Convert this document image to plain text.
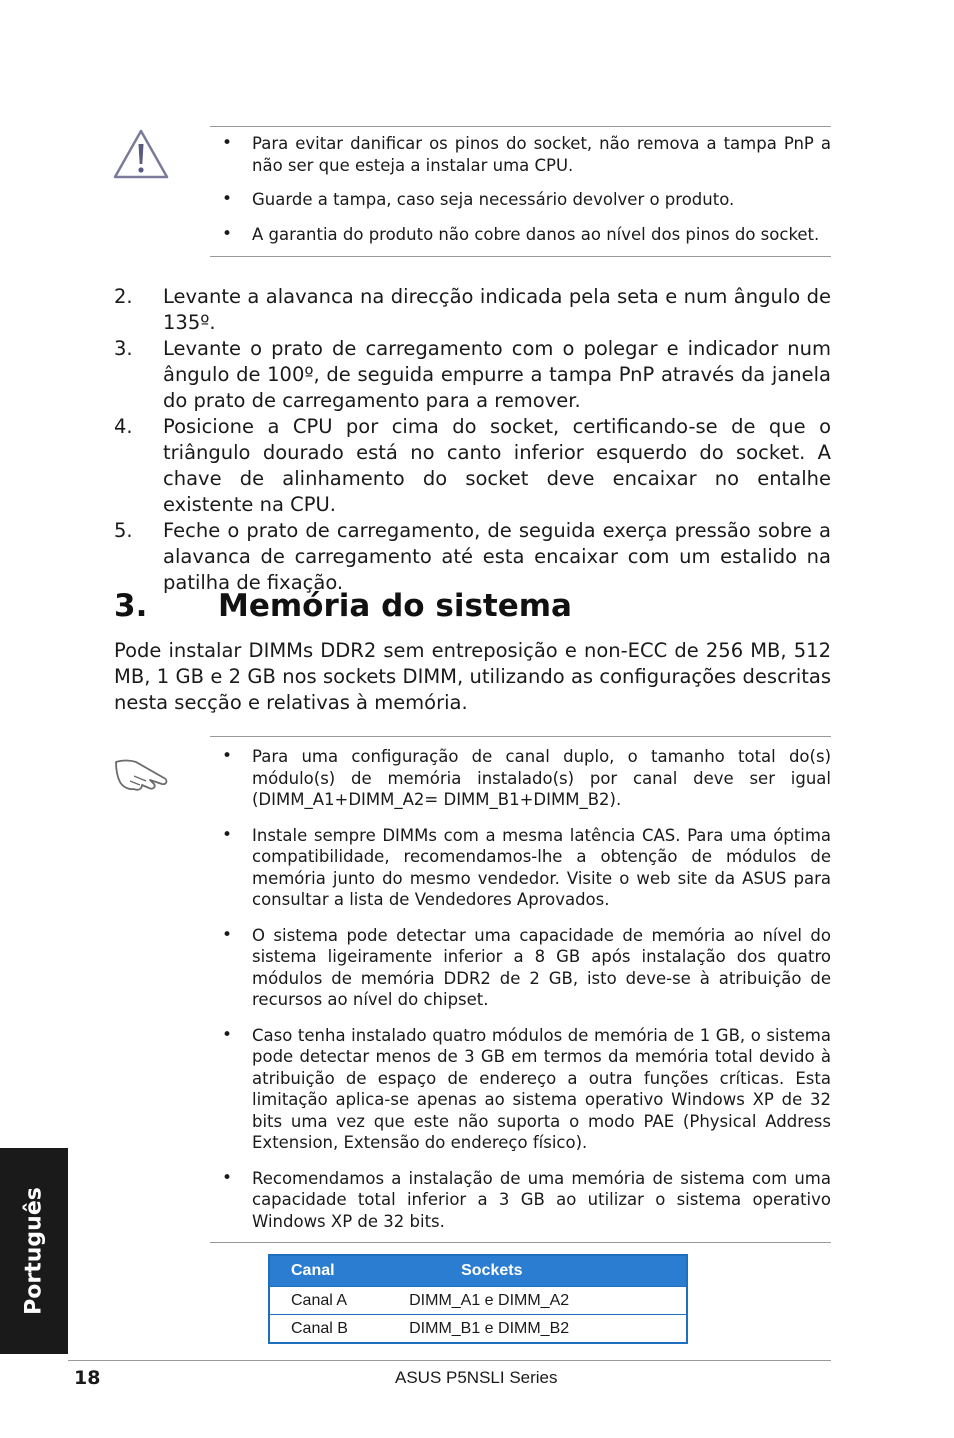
• Para evitar danificar os pinos do socket, não remova a tampa PnP a não ser que esteja a instalar uma CPU.
• Guarde a tampa, caso seja necessário devolver o produto.
• A garantia do produto não cobre danos ao nível dos pinos do socket.
2.	Levante a alavanca na direcção indicada pela seta e num ângulo de 135º.
3.	Levante o prato de carregamento com o polegar e indicador num ângulo de 100º, de seguida empurre a tampa PnP através da janela do prato de carregamento para a remover.
4.	Posicione a CPU por cima do socket, certificando-se de que o triângulo dourado está no canto inferior esquerdo do socket. A chave de alinhamento do socket deve encaixar no entalhe existente na CPU.
5.	Feche o prato de carregamento, de seguida exerça pressão sobre a alavanca de carregamento até esta encaixar com um estalido na patilha de fixação.
3. Memória do sistema
Pode instalar DIMMs DDR2 sem entreposição e non-ECC de 256 MB, 512 MB, 1 GB e 2 GB nos sockets DIMM, utilizando as configurações descritas nesta secção e relativas à memória.
• Para uma configuração de canal duplo, o tamanho total do(s) módulo(s) de memória instalado(s) por canal deve ser igual (DIMM_A1+DIMM_A2= DIMM_B1+DIMM_B2).
• Instale sempre DIMMs com a mesma latência CAS. Para uma óptima compatibilidade, recomendamos-lhe a obtenção de módulos de memória junto do mesmo vendedor. Visite o web site da ASUS para consultar a lista de Vendedores Aprovados.
• O sistema pode detectar uma capacidade de memória ao nível do sistema ligeiramente inferior a 8 GB após instalação dos quatro módulos de memória DDR2 de 2 GB, isto deve-se à atribuição de recursos ao nível do chipset.
• Caso tenha instalado quatro módulos de memória de 1 GB, o sistema pode detectar menos de 3 GB em termos da memória total devido à atribuição de espaço de endereço a outra funções críticas. Esta limitação aplica-se apenas ao sistema operativo Windows XP de 32 bits uma vez que este não suporta o modo PAE (Physical Address Extension, Extensão do endereço físico).
• Recomendamos a instalação de uma memória de sistema com uma capacidade total inferior a 3 GB ao utilizar o sistema operativo Windows XP de 32 bits.
Canal	Sockets
Canal A	DIMM_A1 e DIMM_A2
Canal B	DIMM_B1 e DIMM_B2
Português
18	ASUS P5NSLI Series
